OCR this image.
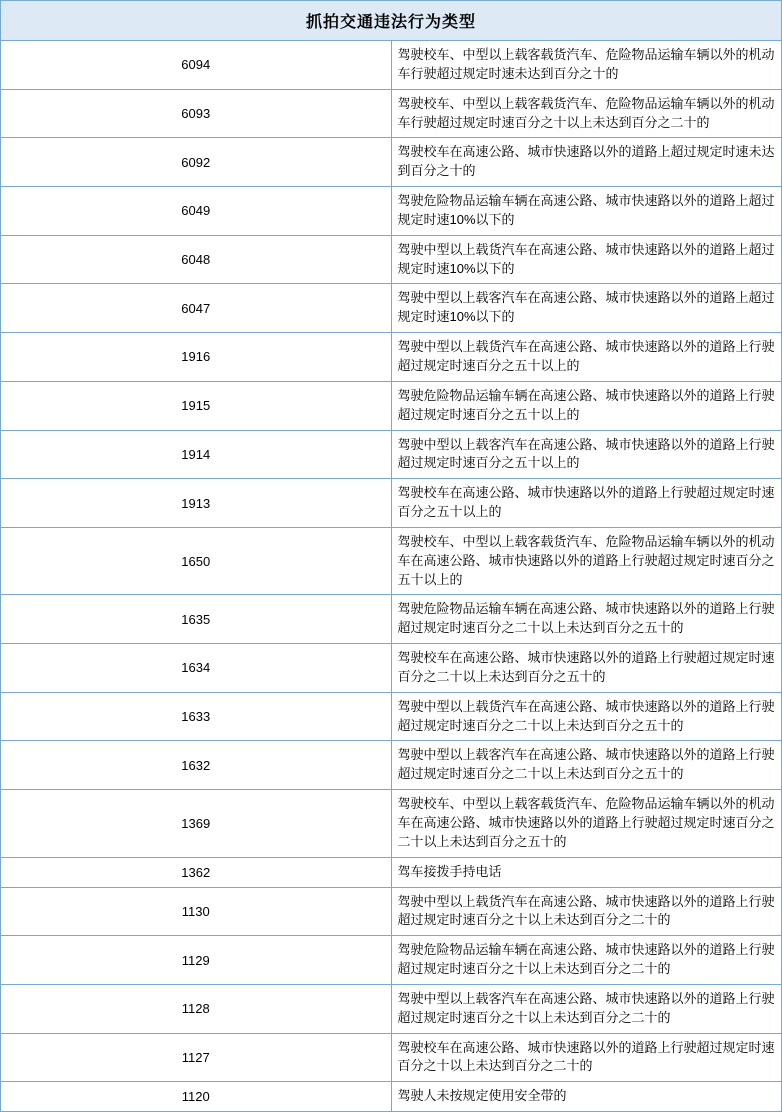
抓拍交通违法行为类型	
6094	驾驶校车、中型以上载客载货汽车、危险物品运输车辆以外的机动车行驶超过规定时速未达到百分之十的
6093	驾驶校车、中型以上载客载货汽车、危险物品运输车辆以外的机动车行驶超过规定时速百分之十以上未达到百分之二十的
6092	驾驶校车在高速公路、城市快速路以外的道路上超过规定时速未达到百分之十的
6049	驾驶危险物品运输车辆在高速公路、城市快速路以外的道路上超过规定时速10%以下的
6048	驾驶中型以上载货汽车在高速公路、城市快速路以外的道路上超过规定时速10%以下的
6047	驾驶中型以上载客汽车在高速公路、城市快速路以外的道路上超过规定时速10%以下的
1916	驾驶中型以上载货汽车在高速公路、城市快速路以外的道路上行驶超过规定时速百分之五十以上的
1915	驾驶危险物品运输车辆在高速公路、城市快速路以外的道路上行驶超过规定时速百分之五十以上的
1914	驾驶中型以上载客汽车在高速公路、城市快速路以外的道路上行驶超过规定时速百分之五十以上的
1913	驾驶校车在高速公路、城市快速路以外的道路上行驶超过规定时速百分之五十以上的
1650	驾驶校车、中型以上载客载货汽车、危险物品运输车辆以外的机动车在高速公路、城市快速路以外的道路上行驶超过规定时速百分之五十以上的
1635	驾驶危险物品运输车辆在高速公路、城市快速路以外的道路上行驶超过规定时速百分之二十以上未达到百分之五十的
1634	驾驶校车在高速公路、城市快速路以外的道路上行驶超过规定时速百分之二十以上未达到百分之五十的
1633	驾驶中型以上载货汽车在高速公路、城市快速路以外的道路上行驶超过规定时速百分之二十以上未达到百分之五十的
1632	驾驶中型以上载客汽车在高速公路、城市快速路以外的道路上行驶超过规定时速百分之二十以上未达到百分之五十的
1369	驾驶校车、中型以上载客载货汽车、危险物品运输车辆以外的机动车在高速公路、城市快速路以外的道路上行驶超过规定时速百分之二十以上未达到百分之五十的
1362	驾车接拨手持电话
1130	驾驶中型以上载货汽车在高速公路、城市快速路以外的道路上行驶超过规定时速百分之十以上未达到百分之二十的
1129	驾驶危险物品运输车辆在高速公路、城市快速路以外的道路上行驶超过规定时速百分之十以上未达到百分之二十的
1128	驾驶中型以上载客汽车在高速公路、城市快速路以外的道路上行驶超过规定时速百分之十以上未达到百分之二十的
1127	驾驶校车在高速公路、城市快速路以外的道路上行驶超过规定时速百分之十以上未达到百分之二十的
1120	驾驶人未按规定使用安全带的
